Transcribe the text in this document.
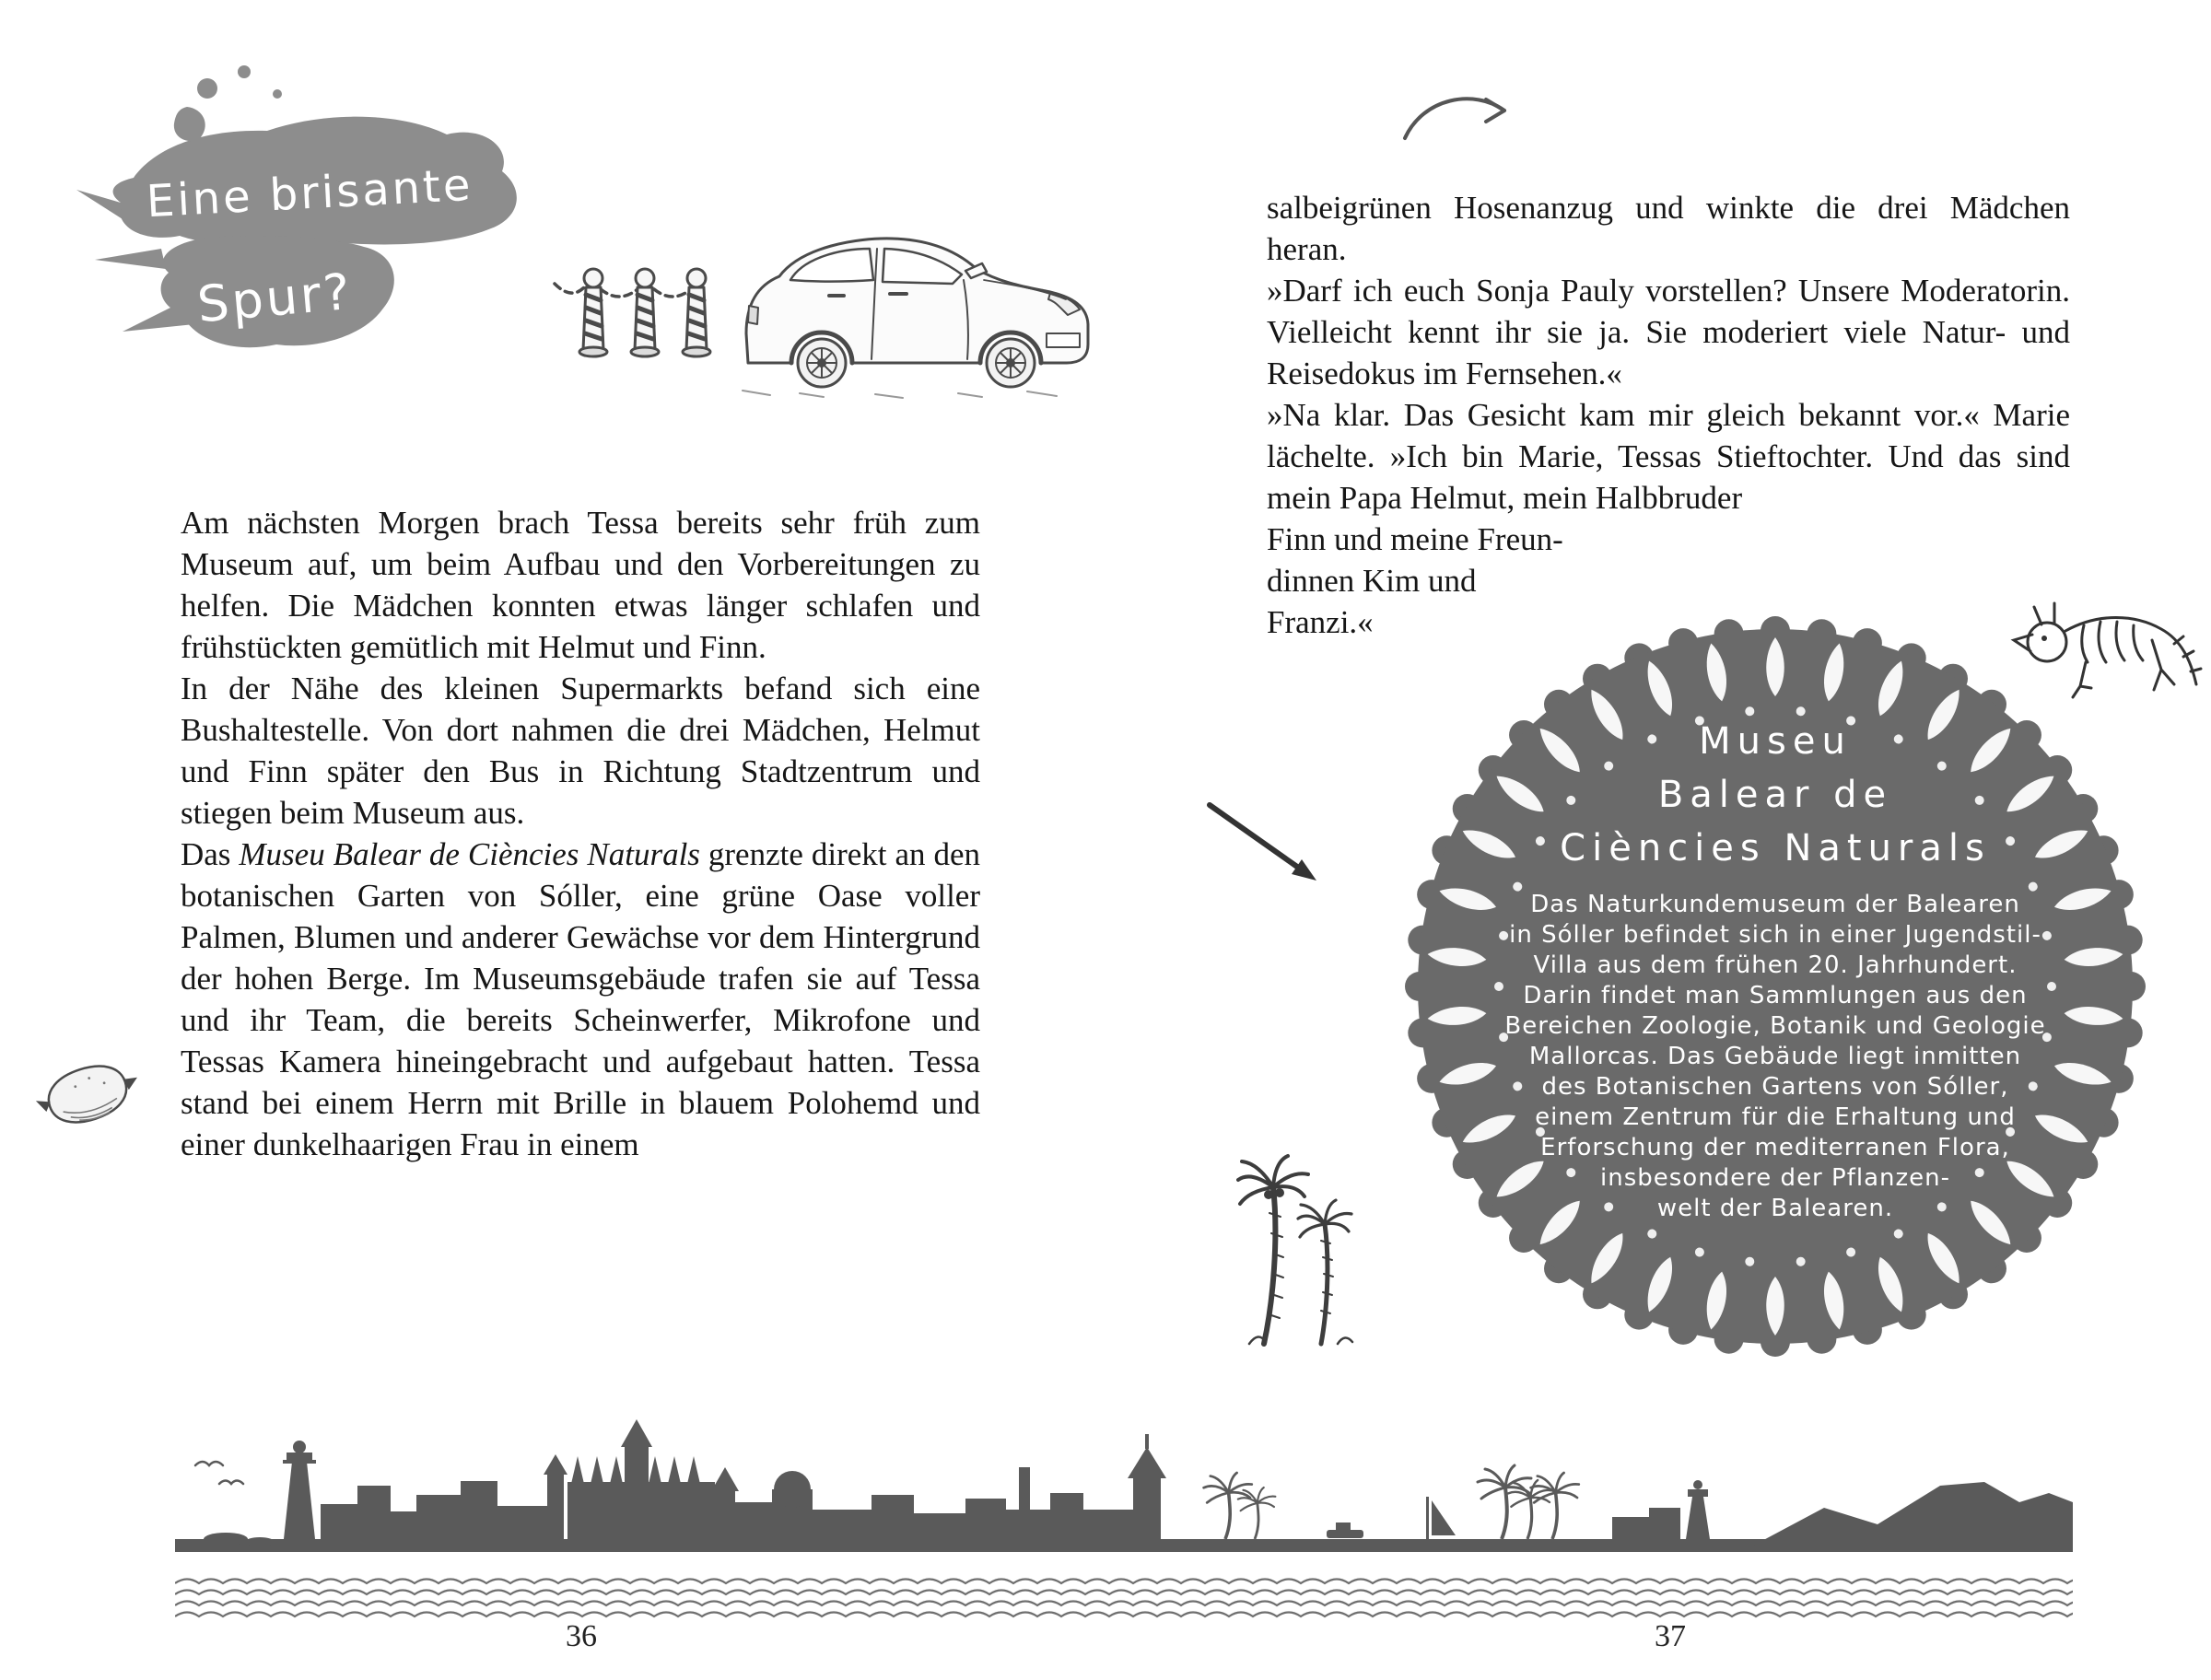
Eine brisante
Spur?

Am nächsten Morgen brach Tessa bereits sehr früh zum Museum auf, um beim Aufbau und den Vorbereitungen zu helfen. Die Mädchen konnten etwas länger schlafen und frühstückten gemütlich mit Helmut und Finn.

In der Nähe des kleinen Supermarkts befand sich eine Bushaltestelle. Von dort nahmen die drei Mädchen, Helmut und Finn später den Bus in Richtung Stadtzentrum und stiegen beim Museum aus.

Das Museu Balear de Ciències Naturals grenzte direkt an den botanischen Garten von Sóller, eine grüne Oase voller Palmen, Blumen und anderer Gewächse vor dem Hintergrund der hohen Berge. Im Museumsgebäude trafen sie auf Tessa und ihr Team, die bereits Scheinwerfer, Mikrofone und Tessas Kamera hineingebracht und aufgebaut hatten. Tessa stand bei einem Herrn mit Brille in blauem Polohemd und einer dunkelhaarigen Frau in einem

36

salbeigrünen Hosenanzug und winkte die drei Mädchen heran.

»Darf ich euch Sonja Pauly vorstellen? Unsere Moderatorin. Vielleicht kennt ihr sie ja. Sie moderiert viele Natur- und Reisedokus im Fernsehen.«

»Na klar. Das Gesicht kam mir gleich bekannt vor.« Marie lächelte. »Ich bin Marie, Tessas Stieftochter. Und das sind mein Papa Helmut, mein Halbbruder

Finn und meine Freun-
dinnen Kim und
Franzi.«
Museu
Balear de
Ciències Naturals
Das Naturkundemuseum der Balearen
in Sóller befindet sich in einer Jugendstil-
Villa aus dem frühen 20. Jahrhundert.
Darin findet man Sammlungen aus den
Bereichen Zoologie, Botanik und Geologie
Mallorcas. Das Gebäude liegt inmitten
des Botanischen Gartens von Sóller,
einem Zentrum für die Erhaltung und
Erforschung der mediterranen Flora,
insbesondere der Pflanzen-
welt der Balearen.
37
